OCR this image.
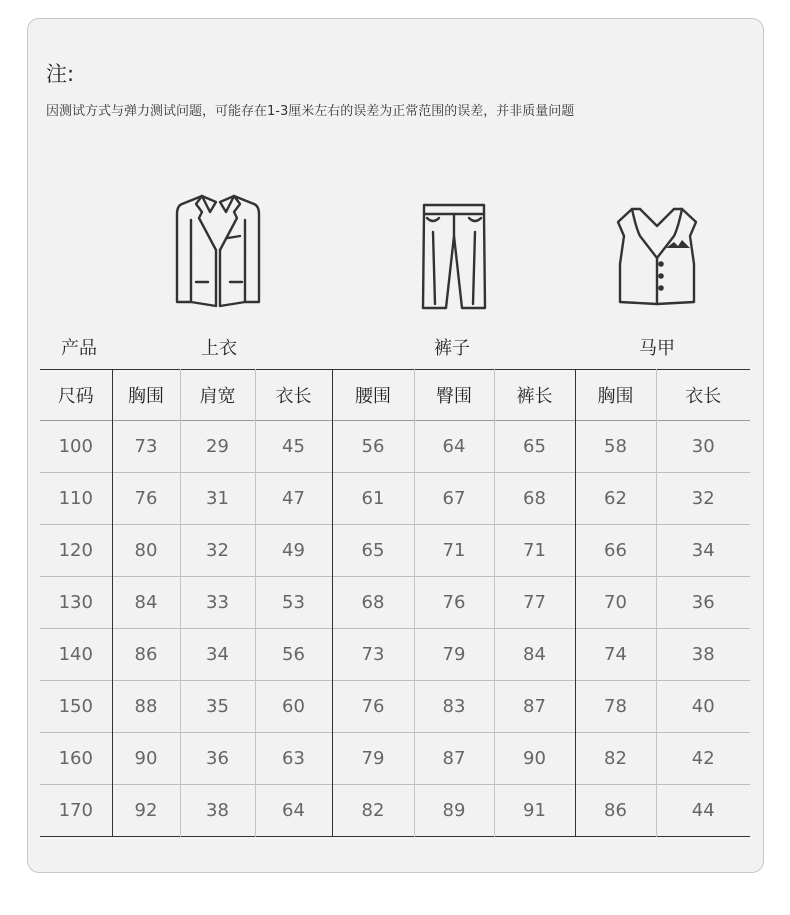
注:
因测试方式与弹力测试问题，可能存在1-3厘米左右的误差为正常范围的误差，并非质量问题
产品	上衣	裤子	马甲
尺码	胸围	肩宽	衣长	腰围	臀围	裤长	胸围	衣长
100	73	29	45	56	64	65	58	30
110	76	31	47	61	67	68	62	32
120	80	32	49	65	71	71	66	34
130	84	33	53	68	76	77	70	36
140	86	34	56	73	79	84	74	38
150	88	35	60	76	83	87	78	40
160	90	36	63	79	87	90	82	42
170	92	38	64	82	89	91	86	44
